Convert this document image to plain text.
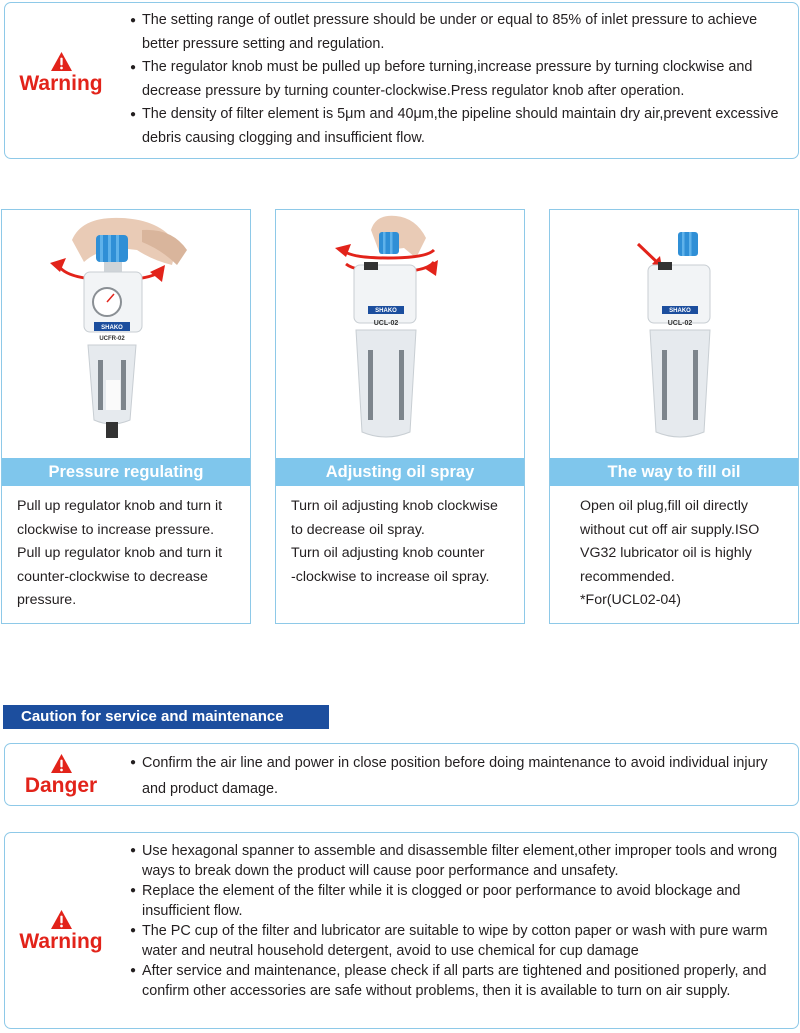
Warning
● The setting range of outlet pressure should be under or equal to 85% of inlet pressure to achieve better pressure setting and regulation.
● The regulator knob must be pulled up before turning,increase pressure by turning clockwise and decrease pressure by turning counter-clockwise.Press regulator knob after operation.
● The density of filter element is 5μm and 40μm,the pipeline should maintain dry air,prevent excessive debris causing clogging and insufficient flow.
SHAKO
UCFR-02
Pressure regulating
Pull up regulator knob and turn it
clockwise to increase pressure.
Pull up regulator knob and turn it
counter-clockwise to decrease
pressure.
SHAKO
UCL-02
Adjusting oil spray
Turn oil adjusting knob clockwise
to decrease oil spray.
Turn oil adjusting knob counter
-clockwise to increase oil spray.
SHAKO
UCL-02
The way to fill oil
Open oil plug,fill oil directly
without cut off air supply.ISO
VG32 lubricator oil is highly
recommended.
*For(UCL02-04)
Caution for service and maintenance
Danger
● Confirm the air line and power in close position before doing maintenance to avoid individual injury and product damage.
Warning
● Use hexagonal spanner to assemble and disassemble filter element,other improper tools and wrong ways to break down the product will cause poor performance and unsafety.
● Replace the element of the filter while it is clogged or poor performance to avoid blockage and insufficient flow.
● The PC cup of the filter and lubricator are suitable to wipe by cotton paper or wash with pure warm water and neutral household detergent, avoid to use chemical for cup damage
● After service and maintenance, please check if all parts are tightened and positioned properly, and confirm other accessories are safe without problems, then it is available to turn on air supply.
